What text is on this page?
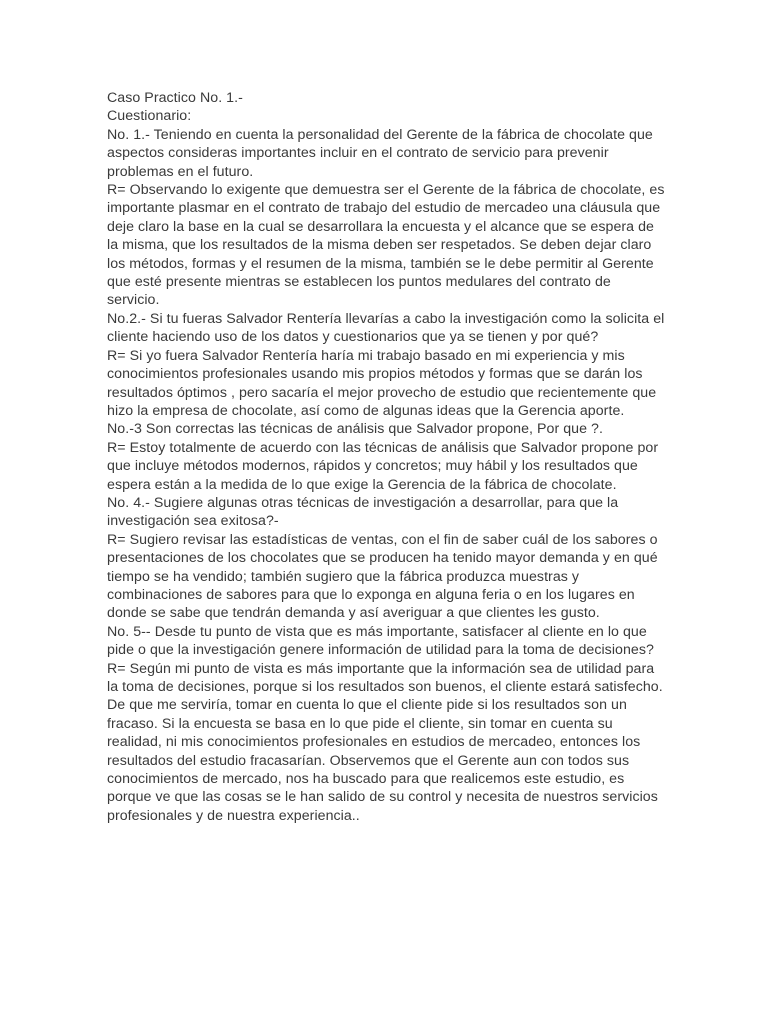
Caso Practico No. 1.-

Cuestionario:

No. 1.- Teniendo en cuenta la personalidad del Gerente de la fábrica de chocolate que aspectos consideras importantes incluir en el contrato de servicio para prevenir problemas en el futuro.

R= Observando lo exigente que demuestra ser el Gerente de la fábrica de chocolate, es importante plasmar en el contrato de trabajo del estudio de mercadeo una cláusula que deje claro la base en la cual se desarrollara la encuesta y el alcance que se espera de la misma, que los resultados de la misma deben ser respetados. Se deben dejar claro los métodos, formas y el resumen de la misma, también se le debe permitir al Gerente que esté presente mientras se establecen los puntos medulares del contrato de servicio.

No.2.- Si tu fueras Salvador Rentería llevarías a cabo la investigación como la solicita el cliente haciendo uso de los datos y cuestionarios que ya se tienen y por qué?

R= Si yo fuera Salvador Rentería haría mi trabajo basado en mi experiencia y mis conocimientos profesionales usando mis propios métodos y formas que se darán los resultados óptimos , pero sacaría el mejor provecho de estudio que recientemente que hizo la empresa de chocolate, así como de algunas ideas que la Gerencia aporte.

No.-3 Son correctas las técnicas de análisis que Salvador propone, Por que ?.

R= Estoy totalmente de acuerdo con las técnicas de análisis que Salvador propone por que incluye métodos modernos, rápidos y concretos; muy hábil y los resultados que espera están a la medida de lo que exige la Gerencia de la fábrica de chocolate.

No. 4.- Sugiere algunas otras técnicas de investigación a desarrollar, para que la investigación sea exitosa?-

R= Sugiero revisar las estadísticas de ventas, con el fin de saber cuál de los sabores o presentaciones de los chocolates que se producen ha tenido mayor demanda y en qué tiempo se ha vendido; también sugiero que la fábrica produzca muestras y combinaciones de sabores para que lo exponga en alguna feria o en los lugares en donde se sabe que tendrán demanda y así averiguar a que clientes les gusto.

No. 5-- Desde tu punto de vista que es más importante, satisfacer al cliente en lo que pide o que la investigación genere información de utilidad para la toma de decisiones?

R= Según mi punto de vista es más importante que la información sea de utilidad para la toma de decisiones, porque si los resultados son buenos, el cliente estará satisfecho. De que me serviría, tomar en cuenta lo que el cliente pide si los resultados son un fracaso. Si la encuesta se basa en lo que pide el cliente, sin tomar en cuenta su realidad, ni mis conocimientos profesionales en estudios de mercadeo, entonces los resultados del estudio fracasarían. Observemos que el Gerente aun con todos sus conocimientos de mercado, nos ha buscado para que realicemos este estudio, es porque ve que las cosas se le han salido de su control y necesita de nuestros servicios profesionales y de nuestra experiencia..
